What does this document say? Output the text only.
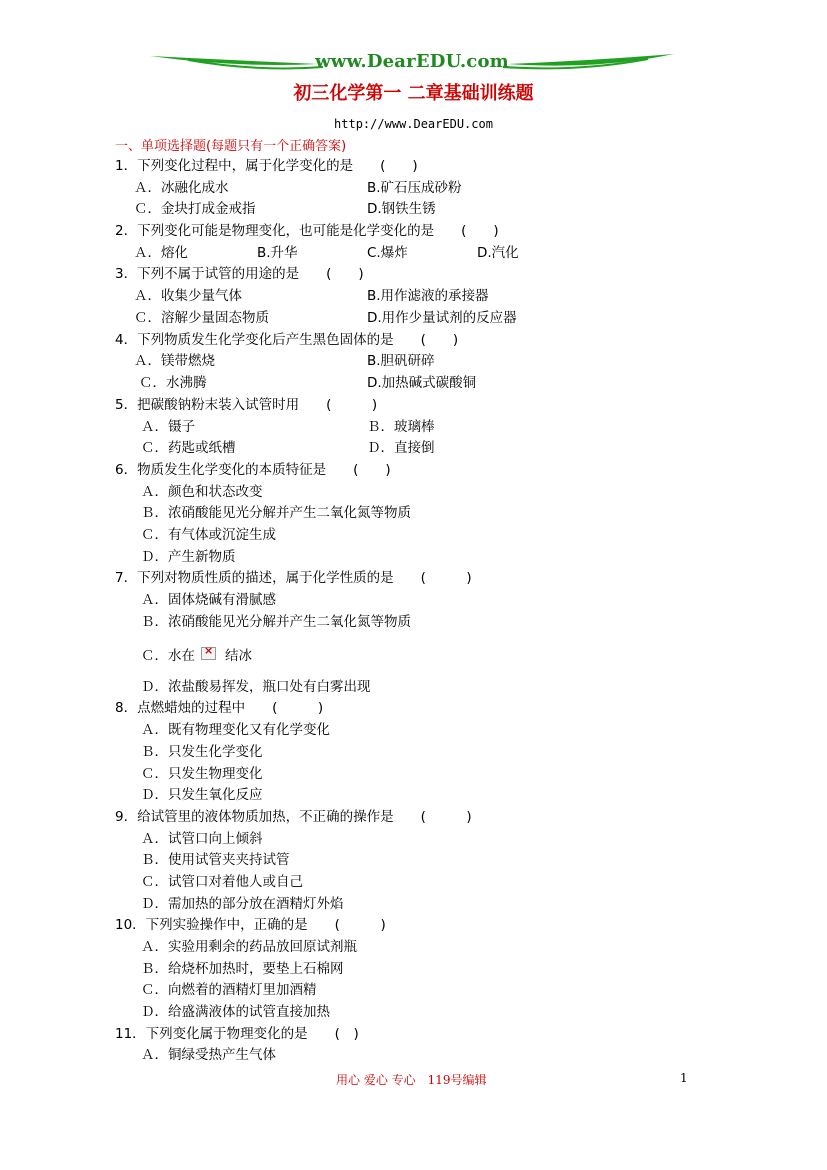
www.DearEDU.com
初三化学第一 二章基础训练题
http://www.DearEDU.com
一、单项选择题(每题只有一个正确答案)
1．下列变化过程中，属于化学变化的是　　(　　)
Ａ．冰融化成水	B.矿石压成砂粉
Ｃ．金块打成金戒指	D.钢铁生锈
2．下列变化可能是物理变化，也可能是化学变化的是　　(　　)
Ａ．熔化	B.升华	C.爆炸	D.汽化
3．下列不属于试管的用途的是　　(　　)
Ａ．收集少量气体	B.用作滤液的承接器
Ｃ．溶解少量固态物质	D.用作少量试剂的反应器
4．下列物质发生化学变化后产生黑色固体的是　　(　　)
Ａ．镁带燃烧	B.胆矾研碎
Ｃ．水沸腾	D.加热碱式碳酸铜
5．把碳酸钠粉末装入试管时用　　(　　　)
Ａ．镊子	Ｂ．玻璃棒
Ｃ．药匙或纸槽	Ｄ．直接倒
6．物质发生化学变化的本质特征是　　(　　)
Ａ．颜色和状态改变
Ｂ．浓硝酸能见光分解并产生二氧化氮等物质
Ｃ．有气体或沉淀生成
Ｄ．产生新物质
7．下列对物质性质的描述，属于化学性质的是　　(　　　)
Ａ．固体烧碱有滑腻感
Ｂ．浓硝酸能见光分解并产生二氧化氮等物质
Ｃ．水在 × 结冰
Ｄ．浓盐酸易挥发，瓶口处有白雾出现
8．点燃蜡烛的过程中　　(　　　)
Ａ．既有物理变化又有化学变化
Ｂ．只发生化学变化
Ｃ．只发生物理变化
Ｄ．只发生氧化反应
9．给试管里的液体物质加热，不正确的操作是　　(　　　)
Ａ．试管口向上倾斜
Ｂ．使用试管夹夹持试管
Ｃ．试管口对着他人或自己
Ｄ．需加热的部分放在酒精灯外焰
10．下列实验操作中，正确的是　　(　　　)
Ａ．实验用剩余的药品放回原试剂瓶
Ｂ．给烧杯加热时，要垫上石棉网
Ｃ．向燃着的酒精灯里加酒精
Ｄ．给盛满液体的试管直接加热
11．下列变化属于物理变化的是　　(　)
Ａ．铜绿受热产生气体
用心 爱心 专心　119号编辑	1
